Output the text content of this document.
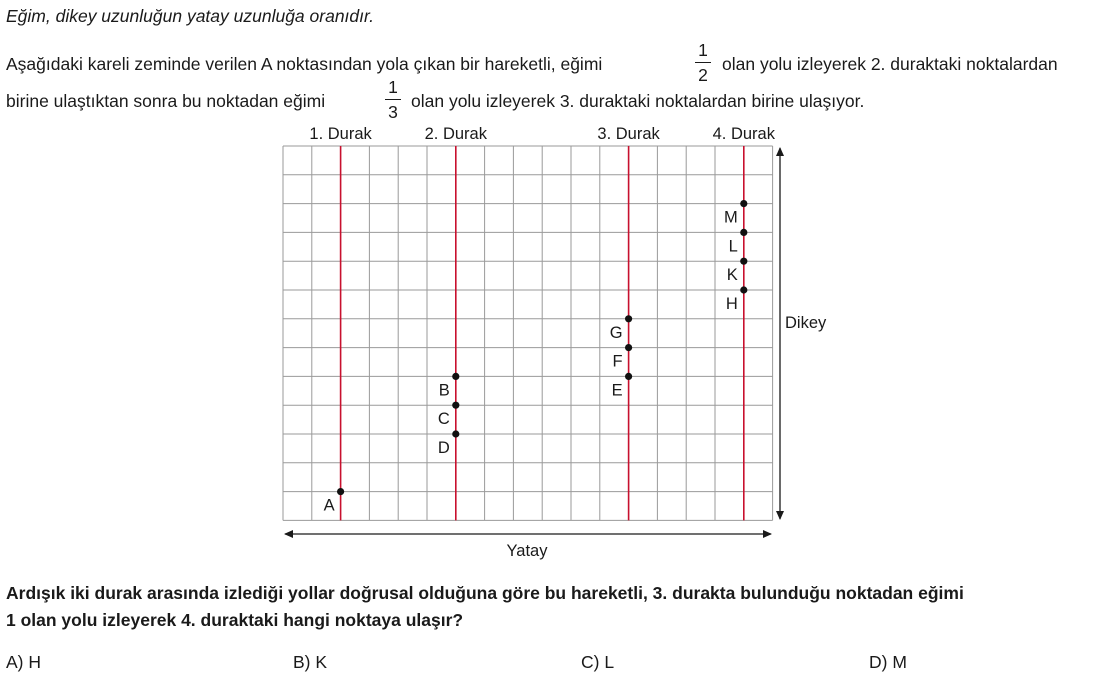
Eğim, dikey uzunluğun yatay uzunluğa oranıdır.
Aşağıdaki kareli zeminde verilen A noktasından yola çıkan bir hareketli, eğimi
1
2
olan yolu izleyerek 2. duraktaki noktalardan
birine ulaştıktan sonra bu noktadan eğimi
1
3
olan yolu izleyerek 3. duraktaki noktalardan birine ulaşıyor.
1. Durak	2. Durak	3. Durak	4. Durak
Yatay
Dikey
A
B
C
D
E
F
G
H
K
L
M
Ardışık iki durak arasında izlediği yollar doğrusal olduğuna göre bu hareketli, 3. durakta bulunduğu noktadan eğimi
1 olan yolu izleyerek 4. duraktaki hangi noktaya ulaşır?
A) H	B) K	C) L	D) M
